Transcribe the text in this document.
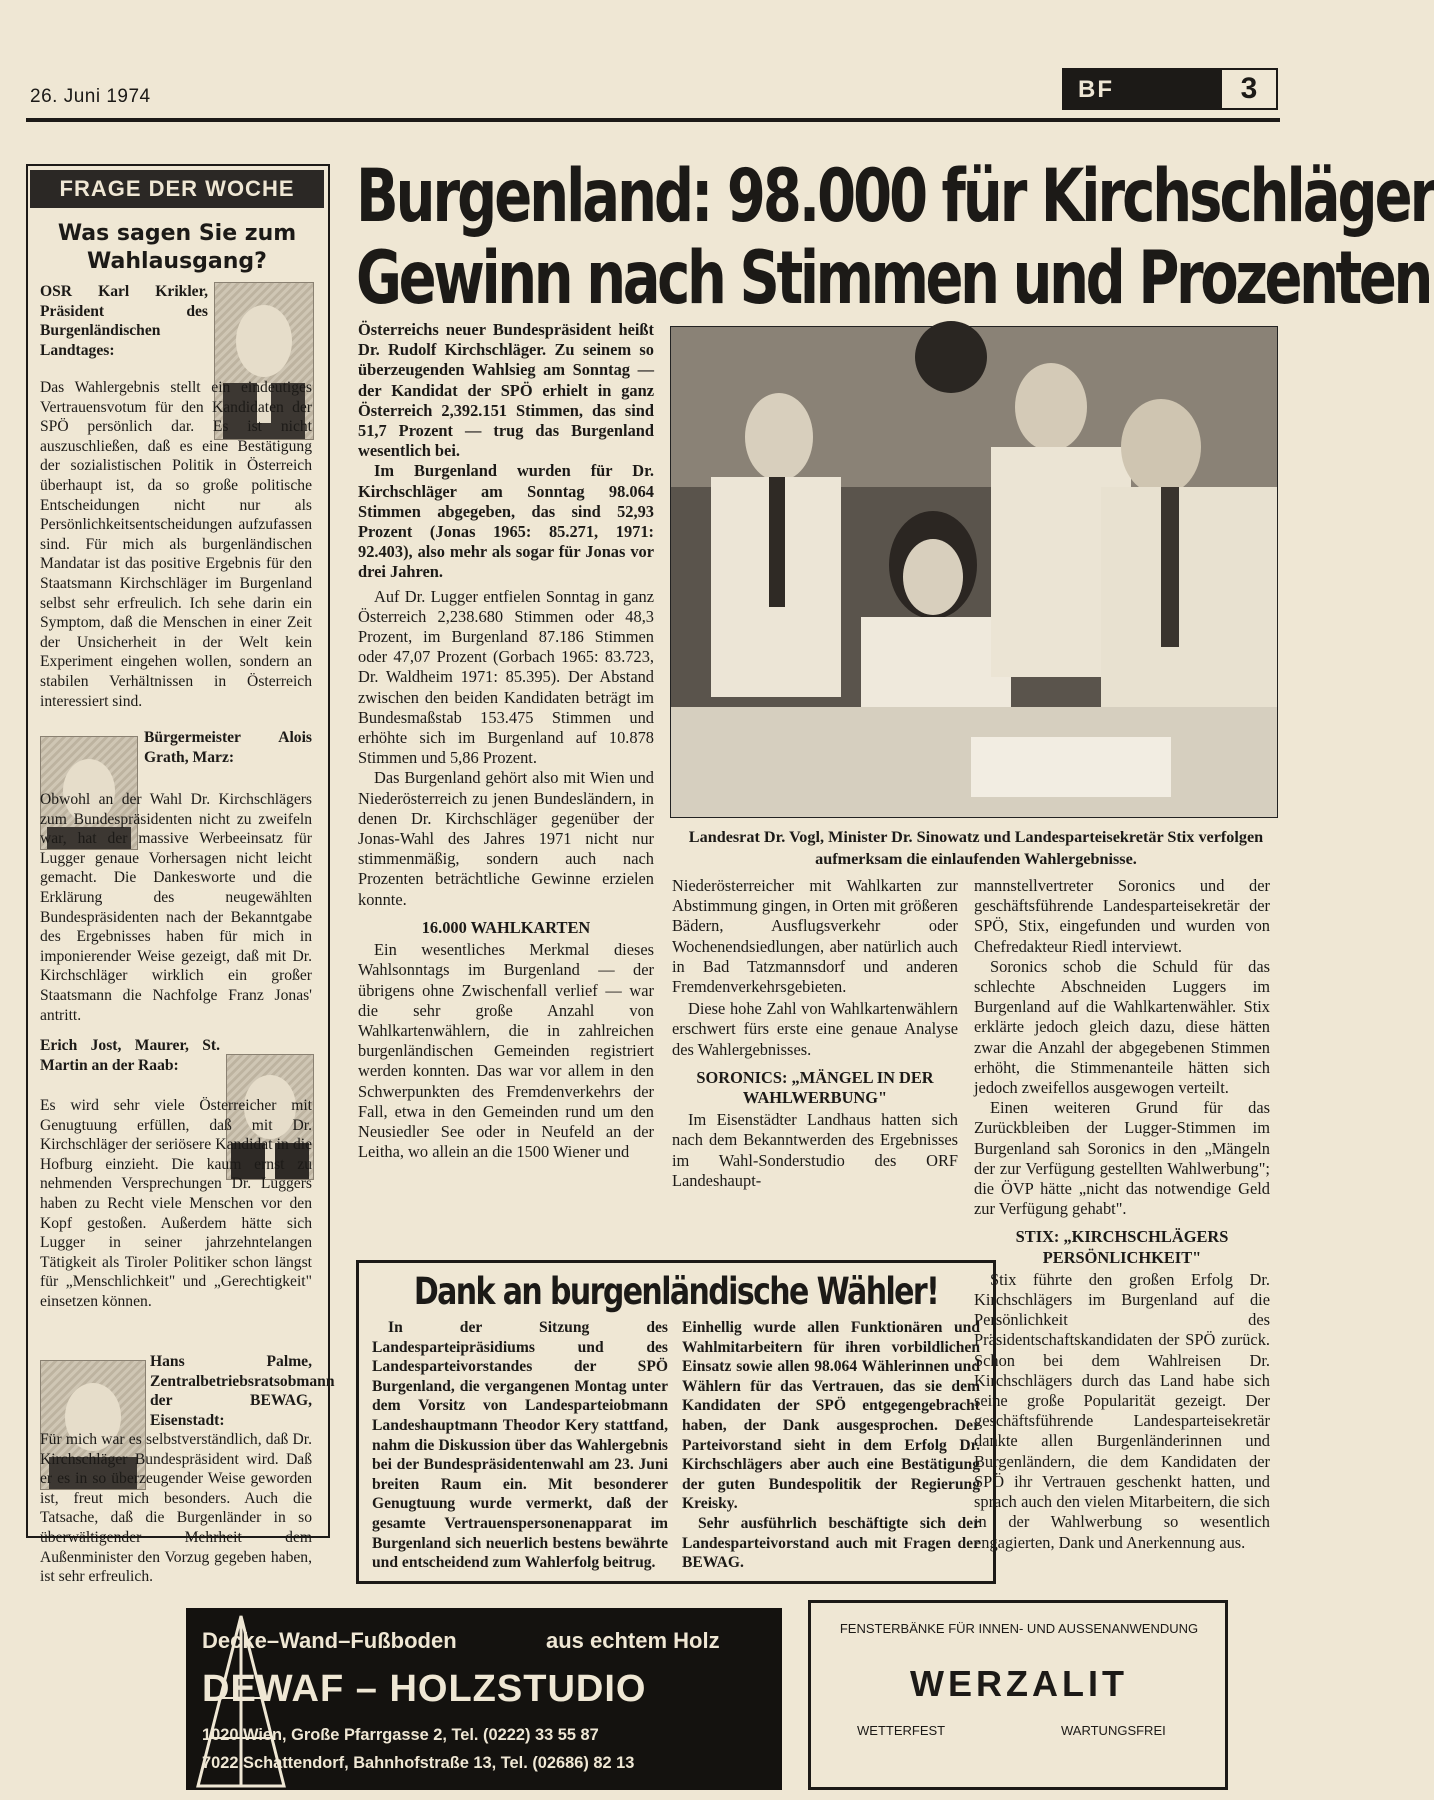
26. Juni 1974	BF	3
FRAGE DER WOCHE
Was sagen Sie zum Wahlausgang?
OSR Karl Krikler, Präsident des Burgenländischen Landtages:
Das Wahlergebnis stellt ein eindeutiges Vertrauensvotum für den Kandidaten der SPÖ persönlich dar. Es ist nicht auszuschließen, daß es eine Bestätigung der sozialistischen Politik in Österreich überhaupt ist, da so große politische Entscheidungen nicht nur als Persönlichkeitsentscheidungen aufzufassen sind. Für mich als burgenländischen Mandatar ist das positive Ergebnis für den Staatsmann Kirchschläger im Burgenland selbst sehr erfreulich. Ich sehe darin ein Symptom, daß die Menschen in einer Zeit der Unsicherheit in der Welt kein Experiment eingehen wollen, sondern an stabilen Verhältnissen in Österreich interessiert sind.
Bürgermeister Alois Grath, Marz:
Obwohl an der Wahl Dr. Kirchschlägers zum Bundespräsidenten nicht zu zweifeln war, hat der massive Werbeeinsatz für Lugger genaue Vorhersagen nicht leicht gemacht. Die Dankesworte und die Erklärung des neugewählten Bundespräsidenten nach der Bekanntgabe des Ergebnisses haben für mich in imponierender Weise gezeigt, daß mit Dr. Kirchschläger wirklich ein großer Staatsmann die Nachfolge Franz Jonas' antritt.
Erich Jost, Maurer, St. Martin an der Raab:
Es wird sehr viele Österreicher mit Genugtuung erfüllen, daß mit Dr. Kirchschläger der seriösere Kandidat in die Hofburg einzieht. Die kaum ernst zu nehmenden Versprechungen Dr. Luggers haben zu Recht viele Menschen vor den Kopf gestoßen. Außerdem hätte sich Lugger in seiner jahrzehntelangen Tätigkeit als Tiroler Politiker schon längst für „Menschlichkeit" und „Gerechtigkeit" einsetzen können.
Hans Palme, Zentralbetriebsratsobmann der BEWAG, Eisenstadt:
Für mich war es selbstverständlich, daß Dr. Kirchschläger Bundespräsident wird. Daß er es in so überzeugender Weise geworden ist, freut mich besonders. Auch die Tatsache, daß die Burgenländer in so überwältigender Mehrheit dem Außenminister den Vorzug gegeben haben, ist sehr erfreulich.
Burgenland: 98.000 für Kirchschläger
Gewinn nach Stimmen und Prozenten
Österreichs neuer Bundespräsident heißt Dr. Rudolf Kirchschläger. Zu seinem so überzeugenden Wahlsieg am Sonntag — der Kandidat der SPÖ erhielt in ganz Österreich 2,392.151 Stimmen, das sind 51,7 Prozent — trug das Burgenland wesentlich bei.
Im Burgenland wurden für Dr. Kirchschläger am Sonntag 98.064 Stimmen abgegeben, das sind 52,93 Prozent (Jonas 1965: 85.271, 1971: 92.403), also mehr als sogar für Jonas vor drei Jahren.
Auf Dr. Lugger entfielen Sonntag in ganz Österreich 2,238.680 Stimmen oder 48,3 Prozent, im Burgenland 87.186 Stimmen oder 47,07 Prozent (Gorbach 1965: 83.723, Dr. Waldheim 1971: 85.395). Der Abstand zwischen den beiden Kandidaten beträgt im Bundesmaßstab 153.475 Stimmen und erhöhte sich im Burgenland auf 10.878 Stimmen und 5,86 Prozent.
Das Burgenland gehört also mit Wien und Niederösterreich zu jenen Bundesländern, in denen Dr. Kirchschläger gegenüber der Jonas-Wahl des Jahres 1971 nicht nur stimmenmäßig, sondern auch nach Prozenten beträchtliche Gewinne erzielen konnte.
16.000 WAHLKARTEN
Ein wesentliches Merkmal dieses Wahlsonntags im Burgenland — der übrigens ohne Zwischenfall verlief — war die sehr große Anzahl von Wahlkartenwählern, die in zahlreichen burgenländischen Gemeinden registriert werden konnten. Das war vor allem in den Schwerpunkten des Fremdenverkehrs der Fall, etwa in den Gemeinden rund um den Neusiedler See oder in Neufeld an der Leitha, wo allein an die 1500 Wiener und
Landesrat Dr. Vogl, Minister Dr. Sinowatz und Landesparteisekretär Stix verfolgen aufmerksam die einlaufenden Wahlergebnisse.
Niederösterreicher mit Wahlkarten zur Abstimmung gingen, in Orten mit größeren Bädern, Ausflugsverkehr oder Wochenendsiedlungen, aber natürlich auch in Bad Tatzmannsdorf und anderen Fremdenverkehrsgebieten.
Diese hohe Zahl von Wahlkartenwählern erschwert fürs erste eine genaue Analyse des Wahlergebnisses.
SORONICS: „MÄNGEL IN DER WAHLWERBUNG"
Im Eisenstädter Landhaus hatten sich nach dem Bekanntwerden des Ergebnisses im Wahl-Sonderstudio des ORF Landeshaupt-
mannstellvertreter Soronics und der geschäftsführende Landesparteisekretär der SPÖ, Stix, eingefunden und wurden von Chefredakteur Riedl interviewt.
Soronics schob die Schuld für das schlechte Abschneiden Luggers im Burgenland auf die Wahlkartenwähler. Stix erklärte jedoch gleich dazu, diese hätten zwar die Anzahl der abgegebenen Stimmen erhöht, die Stimmenanteile hätten sich jedoch zweifellos ausgewogen verteilt.
Einen weiteren Grund für das Zurückbleiben der Lugger-Stimmen im Burgenland sah Soronics in den „Mängeln der zur Verfügung gestellten Wahlwerbung"; die ÖVP hätte „nicht das notwendige Geld zur Verfügung gehabt".
STIX: „KIRCHSCHLÄGERS PERSÖNLICHKEIT"
Stix führte den großen Erfolg Dr. Kirchschlägers im Burgenland auf die Persönlichkeit des Präsidentschaftskandidaten der SPÖ zurück. Schon bei dem Wahlreisen Dr. Kirchschlägers durch das Land habe sich seine große Popularität gezeigt. Der geschäftsführende Landesparteisekretär dankte allen Burgenländerinnen und Burgenländern, die dem Kandidaten der SPÖ ihr Vertrauen geschenkt hatten, und sprach auch den vielen Mitarbeitern, die sich in der Wahlwerbung so wesentlich engagierten, Dank und Anerkennung aus.
Dank an burgenländische Wähler!
In der Sitzung des Landesparteipräsidiums und des Landesparteivorstandes der SPÖ Burgenland, die vergangenen Montag unter dem Vorsitz von Landesparteiobmann Landeshauptmann Theodor Kery stattfand, nahm die Diskussion über das Wahlergebnis bei der Bundespräsidentenwahl am 23. Juni breiten Raum ein. Mit besonderer Genugtuung wurde vermerkt, daß der gesamte Vertrauenspersonenapparat im Burgenland sich neuerlich bestens bewährte und entscheidend zum Wahlerfolg beitrug.
Einhellig wurde allen Funktionären und Wahlmitarbeitern für ihren vorbildlichen Einsatz sowie allen 98.064 Wählerinnen und Wählern für das Vertrauen, das sie dem Kandidaten der SPÖ entgegengebracht haben, der Dank ausgesprochen. Der Parteivorstand sieht in dem Erfolg Dr. Kirchschlägers aber auch eine Bestätigung der guten Bundespolitik der Regierung Kreisky.
Sehr ausführlich beschäftigte sich der Landesparteivorstand auch mit Fragen der BEWAG.
Decke–Wand–Fußboden	aus echtem Holz
DEWAF – HOLZSTUDIO
1020 Wien, Große Pfarrgasse 2, Tel. (0222) 33 55 87
7022 Schattendorf, Bahnhofstraße 13, Tel. (02686) 82 13
FENSTERBÄNKE FÜR INNEN- UND AUSSENANWENDUNG
WERZALIT
WETTERFEST	WARTUNGSFREI
